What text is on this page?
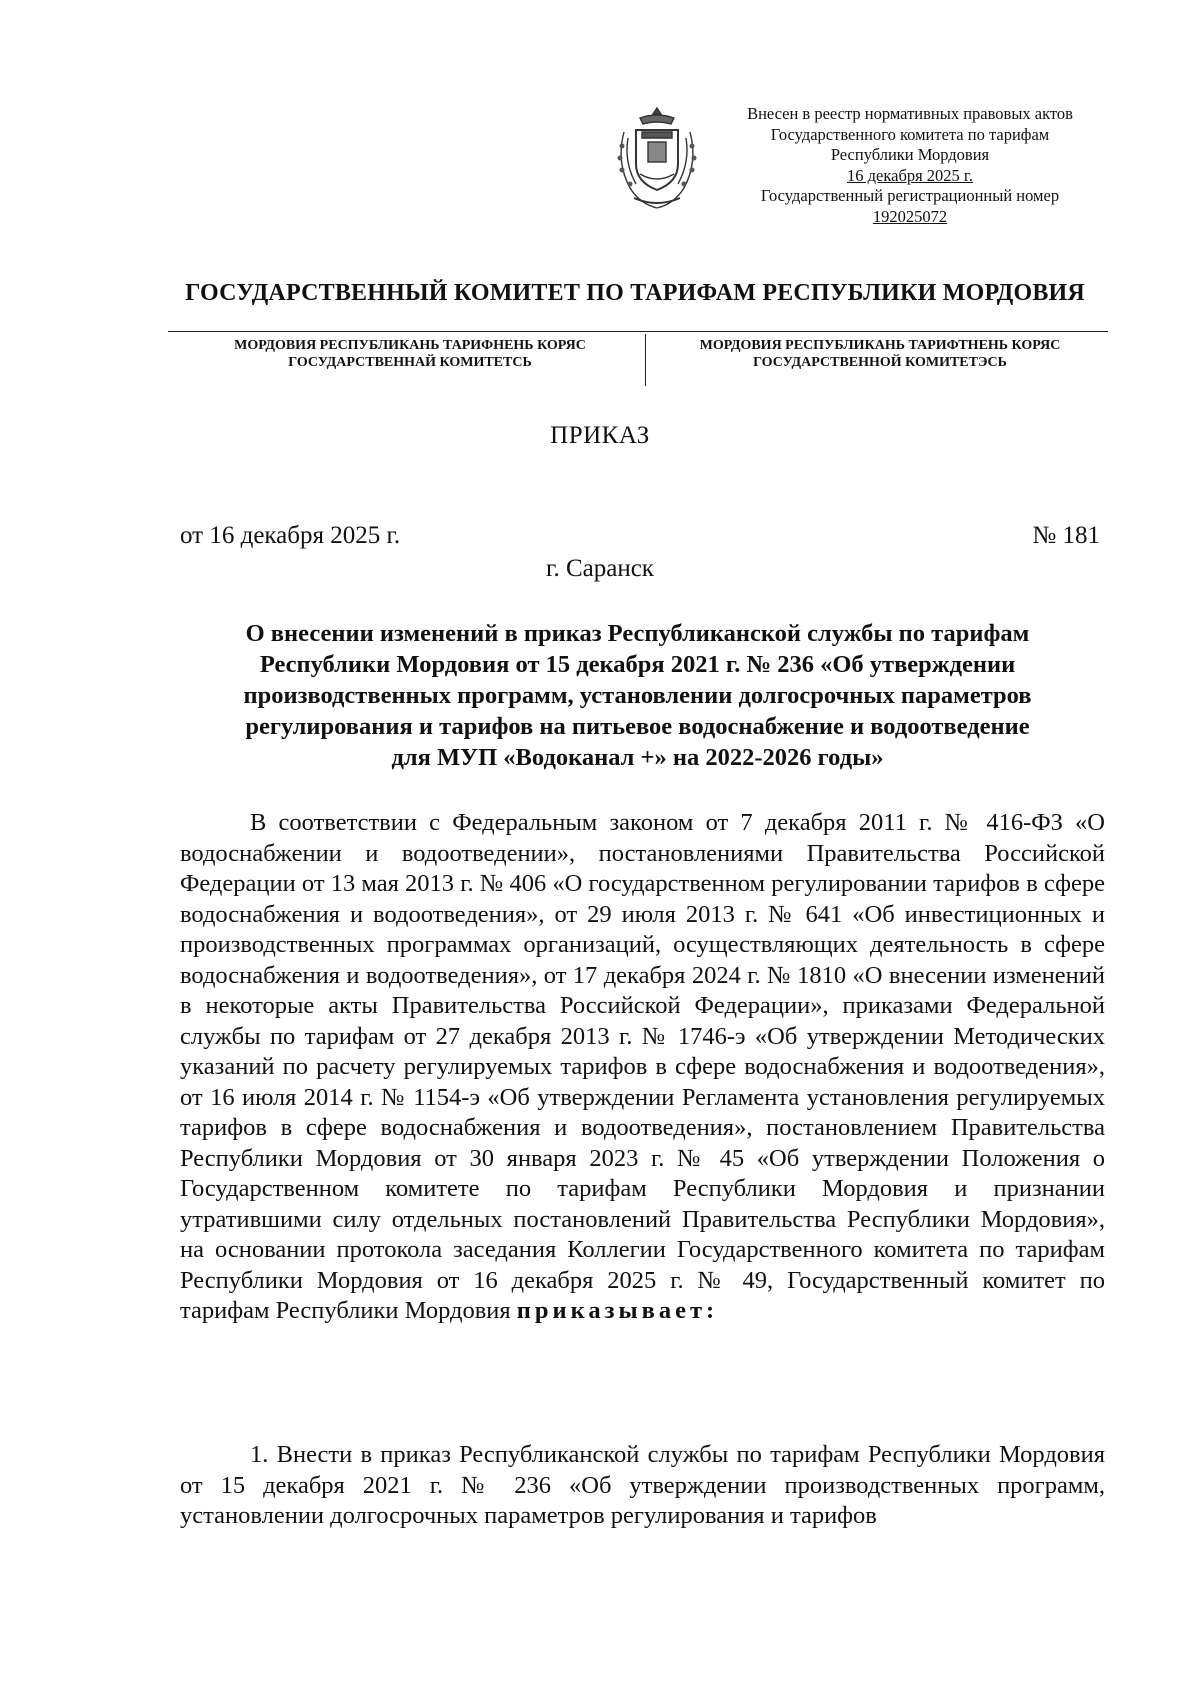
Внесен в реестр нормативных правовых актов
Государственного комитета по тарифам
Республики Мордовия
16 декабря 2025 г.
Государственный регистрационный номер
192025072
ГОСУДАРСТВЕННЫЙ КОМИТЕТ ПО ТАРИФАМ РЕСПУБЛИКИ МОРДОВИЯ
МОРДОВИЯ РЕСПУБЛИКАНЬ ТАРИФНЕНЬ КОРЯС
ГОСУДАРСТВЕННАЙ КОМИТЕТСЬ
МОРДОВИЯ РЕСПУБЛИКАНЬ ТАРИФТНЕНЬ КОРЯС
ГОСУДАРСТВЕННОЙ КОМИТЕТЭСЬ
ПРИКАЗ
от 16 декабря 2025 г.	№ 181
г. Саранск
О внесении изменений в приказ Республиканской службы по тарифам
Республики Мордовия от 15 декабря 2021 г. № 236 «Об утверждении
производственных программ, установлении долгосрочных параметров
регулирования и тарифов на питьевое водоснабжение и водоотведение
для МУП «Водоканал +» на 2022-2026 годы»
В соответствии с Федеральным законом от 7 декабря 2011 г. № 416-ФЗ «О водоснабжении и водоотведении», постановлениями Правительства Российской Федерации от 13 мая 2013 г. № 406 «О государственном регулировании тарифов в сфере водоснабжения и водоотведения», от 29 июля 2013 г. № 641 «Об инвестиционных и производственных программах организаций, осуществляющих деятельность в сфере водоснабжения и водоотведения», от 17 декабря 2024 г. № 1810 «О внесении изменений в некоторые акты Правительства Российской Федерации», приказами Федеральной службы по тарифам от 27 декабря 2013 г. № 1746-э «Об утверждении Методических указаний по расчету регулируемых тарифов в сфере водоснабжения и водоотведения», от 16 июля 2014 г. № 1154-э «Об утверждении Регламента установления регулируемых тарифов в сфере водоснабжения и водоотведения», постановлением Правительства Республики Мордовия от 30 января 2023 г. № 45 «Об утверждении Положения о Государственном комитете по тарифам Республики Мордовия и признании утратившими силу отдельных постановлений Правительства Республики Мордовия», на основании протокола заседания Коллегии Государственного комитета по тарифам Республики Мордовия от 16 декабря 2025 г. № 49, Государственный комитет по тарифам Республики Мордовия приказывает:
1. Внести в приказ Республиканской службы по тарифам Республики Мордовия от 15 декабря 2021 г. № 236 «Об утверждении производственных программ, установлении долгосрочных параметров регулирования и тарифов
